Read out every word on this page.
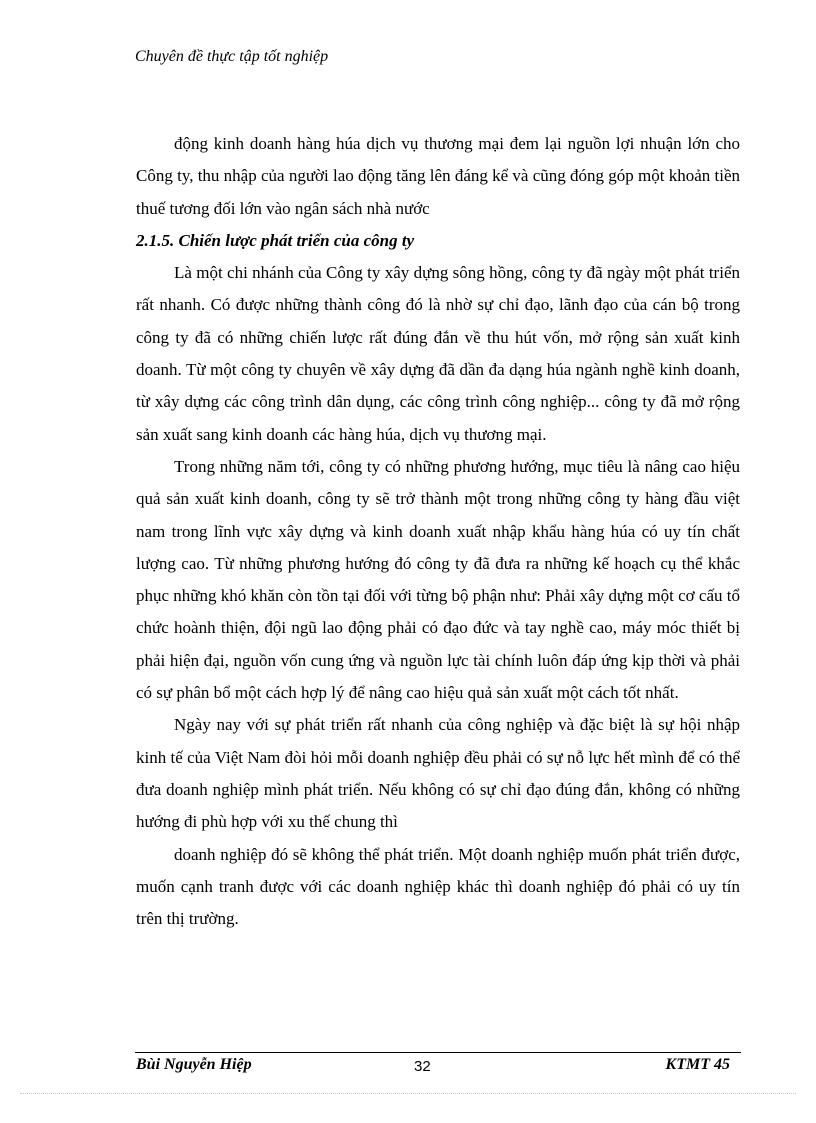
Chuyên đề thực tập tốt nghiệp

động kinh doanh hàng húa dịch vụ thương mại đem lại nguồn lợi nhuận lớn cho Công ty, thu nhập của người lao động tăng lên đáng kể và cũng đóng góp một khoản tiền thuế tương đối lớn vào ngân sách nhà nước

2.1.5. Chiến lược phát triển của công ty

Là một chi nhánh của Công ty xây dựng sông hồng, công ty đã ngày một phát triển rất nhanh. Có được những thành công đó là nhờ sự chỉ đạo, lãnh đạo của cán bộ trong công ty đã có những chiến lược rất đúng đắn về thu hút vốn, mở rộng sản xuất kinh doanh. Từ một công ty chuyên về xây dựng đã dần đa dạng húa ngành nghề kinh doanh, từ xây dựng các công trình dân dụng, các công trình công nghiệp... công ty đã mở rộng sản xuất sang kinh doanh các hàng húa, dịch vụ thương mại.

Trong những năm tới, công ty có những phương hướng, mục tiêu là nâng cao hiệu quả sản xuất kinh doanh, công ty sẽ trở thành một trong những công ty hàng đầu việt nam trong lĩnh vực xây dựng và kinh doanh xuất nhập khẩu hàng húa có uy tín chất lượng cao. Từ những phương hướng đó công ty đã đưa ra những kế hoạch cụ thể khắc phục những khó khăn còn tồn tại đối với từng bộ phận như: Phải xây dựng một cơ cấu tổ chức hoành thiện, đội ngũ lao động phải có đạo đức và tay nghề cao, máy móc thiết bị phải hiện đại, nguồn vốn cung ứng và nguồn lực tài chính luôn đáp ứng kịp thời và phải có sự phân bổ một cách hợp lý để nâng cao hiệu quả sản xuất một cách tốt nhất.

Ngày nay với sự phát triển rất nhanh của công nghiệp và đặc biệt là sự hội nhập kinh tế của Việt Nam đòi hỏi mỗi doanh nghiệp đều phải có sự nỗ lực hết mình để có thể đưa doanh nghiệp mình phát triển. Nếu không có sự chỉ đạo đúng đắn, không có những hướng đi phù hợp với xu thế chung thì

doanh nghiệp đó sẽ không thể phát triển. Một doanh nghiệp muốn phát triển được, muốn cạnh tranh được với các doanh nghiệp khác thì doanh nghiệp đó phải có uy tín trên thị trường.

Bùi Nguyễn Hiệp	32	KTMT 45
